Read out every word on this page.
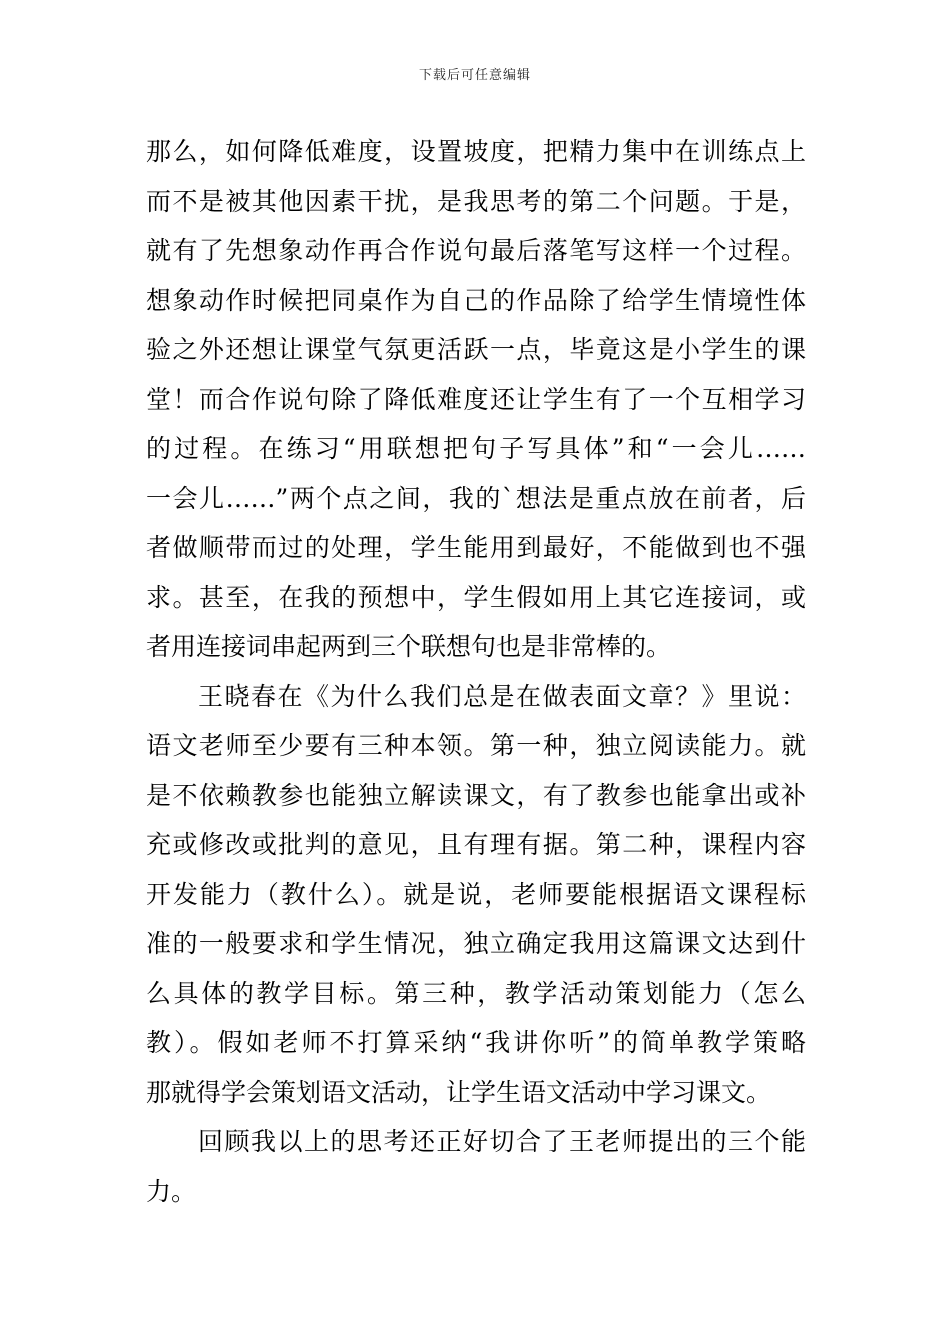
下载后可任意编辑
那么，如何降低难度，设置坡度，把精力集中在训练点上
而不是被其他因素干扰，是我思考的第二个问题。于是，
就有了先想象动作再合作说句最后落笔写这样一个过程。
想象动作时候把同桌作为自己的作品除了给学生情境性体
验之外还想让课堂气氛更活跃一点，毕竟这是小学生的课
堂！而合作说句除了降低难度还让学生有了一个互相学习
的过程。在练习“用联想把句子写具体”和“一会儿……
一会儿……”两个点之间，我的`想法是重点放在前者，后
者做顺带而过的处理，学生能用到最好，不能做到也不强
求。甚至，在我的预想中，学生假如用上其它连接词，或
者用连接词串起两到三个联想句也是非常棒的。
王晓春在《为什么我们总是在做表面文章？》里说：
语文老师至少要有三种本领。第一种，独立阅读能力。就
是不依赖教参也能独立解读课文，有了教参也能拿出或补
充或修改或批判的意见，且有理有据。第二种，课程内容
开发能力（教什么）。就是说，老师要能根据语文课程标
准的一般要求和学生情况，独立确定我用这篇课文达到什
么具体的教学目标。第三种，教学活动策划能力（怎么
教）。假如老师不打算采纳“我讲你听”的简单教学策略
那就得学会策划语文活动，让学生语文活动中学习课文。
回顾我以上的思考还正好切合了王老师提出的三个能
力。
